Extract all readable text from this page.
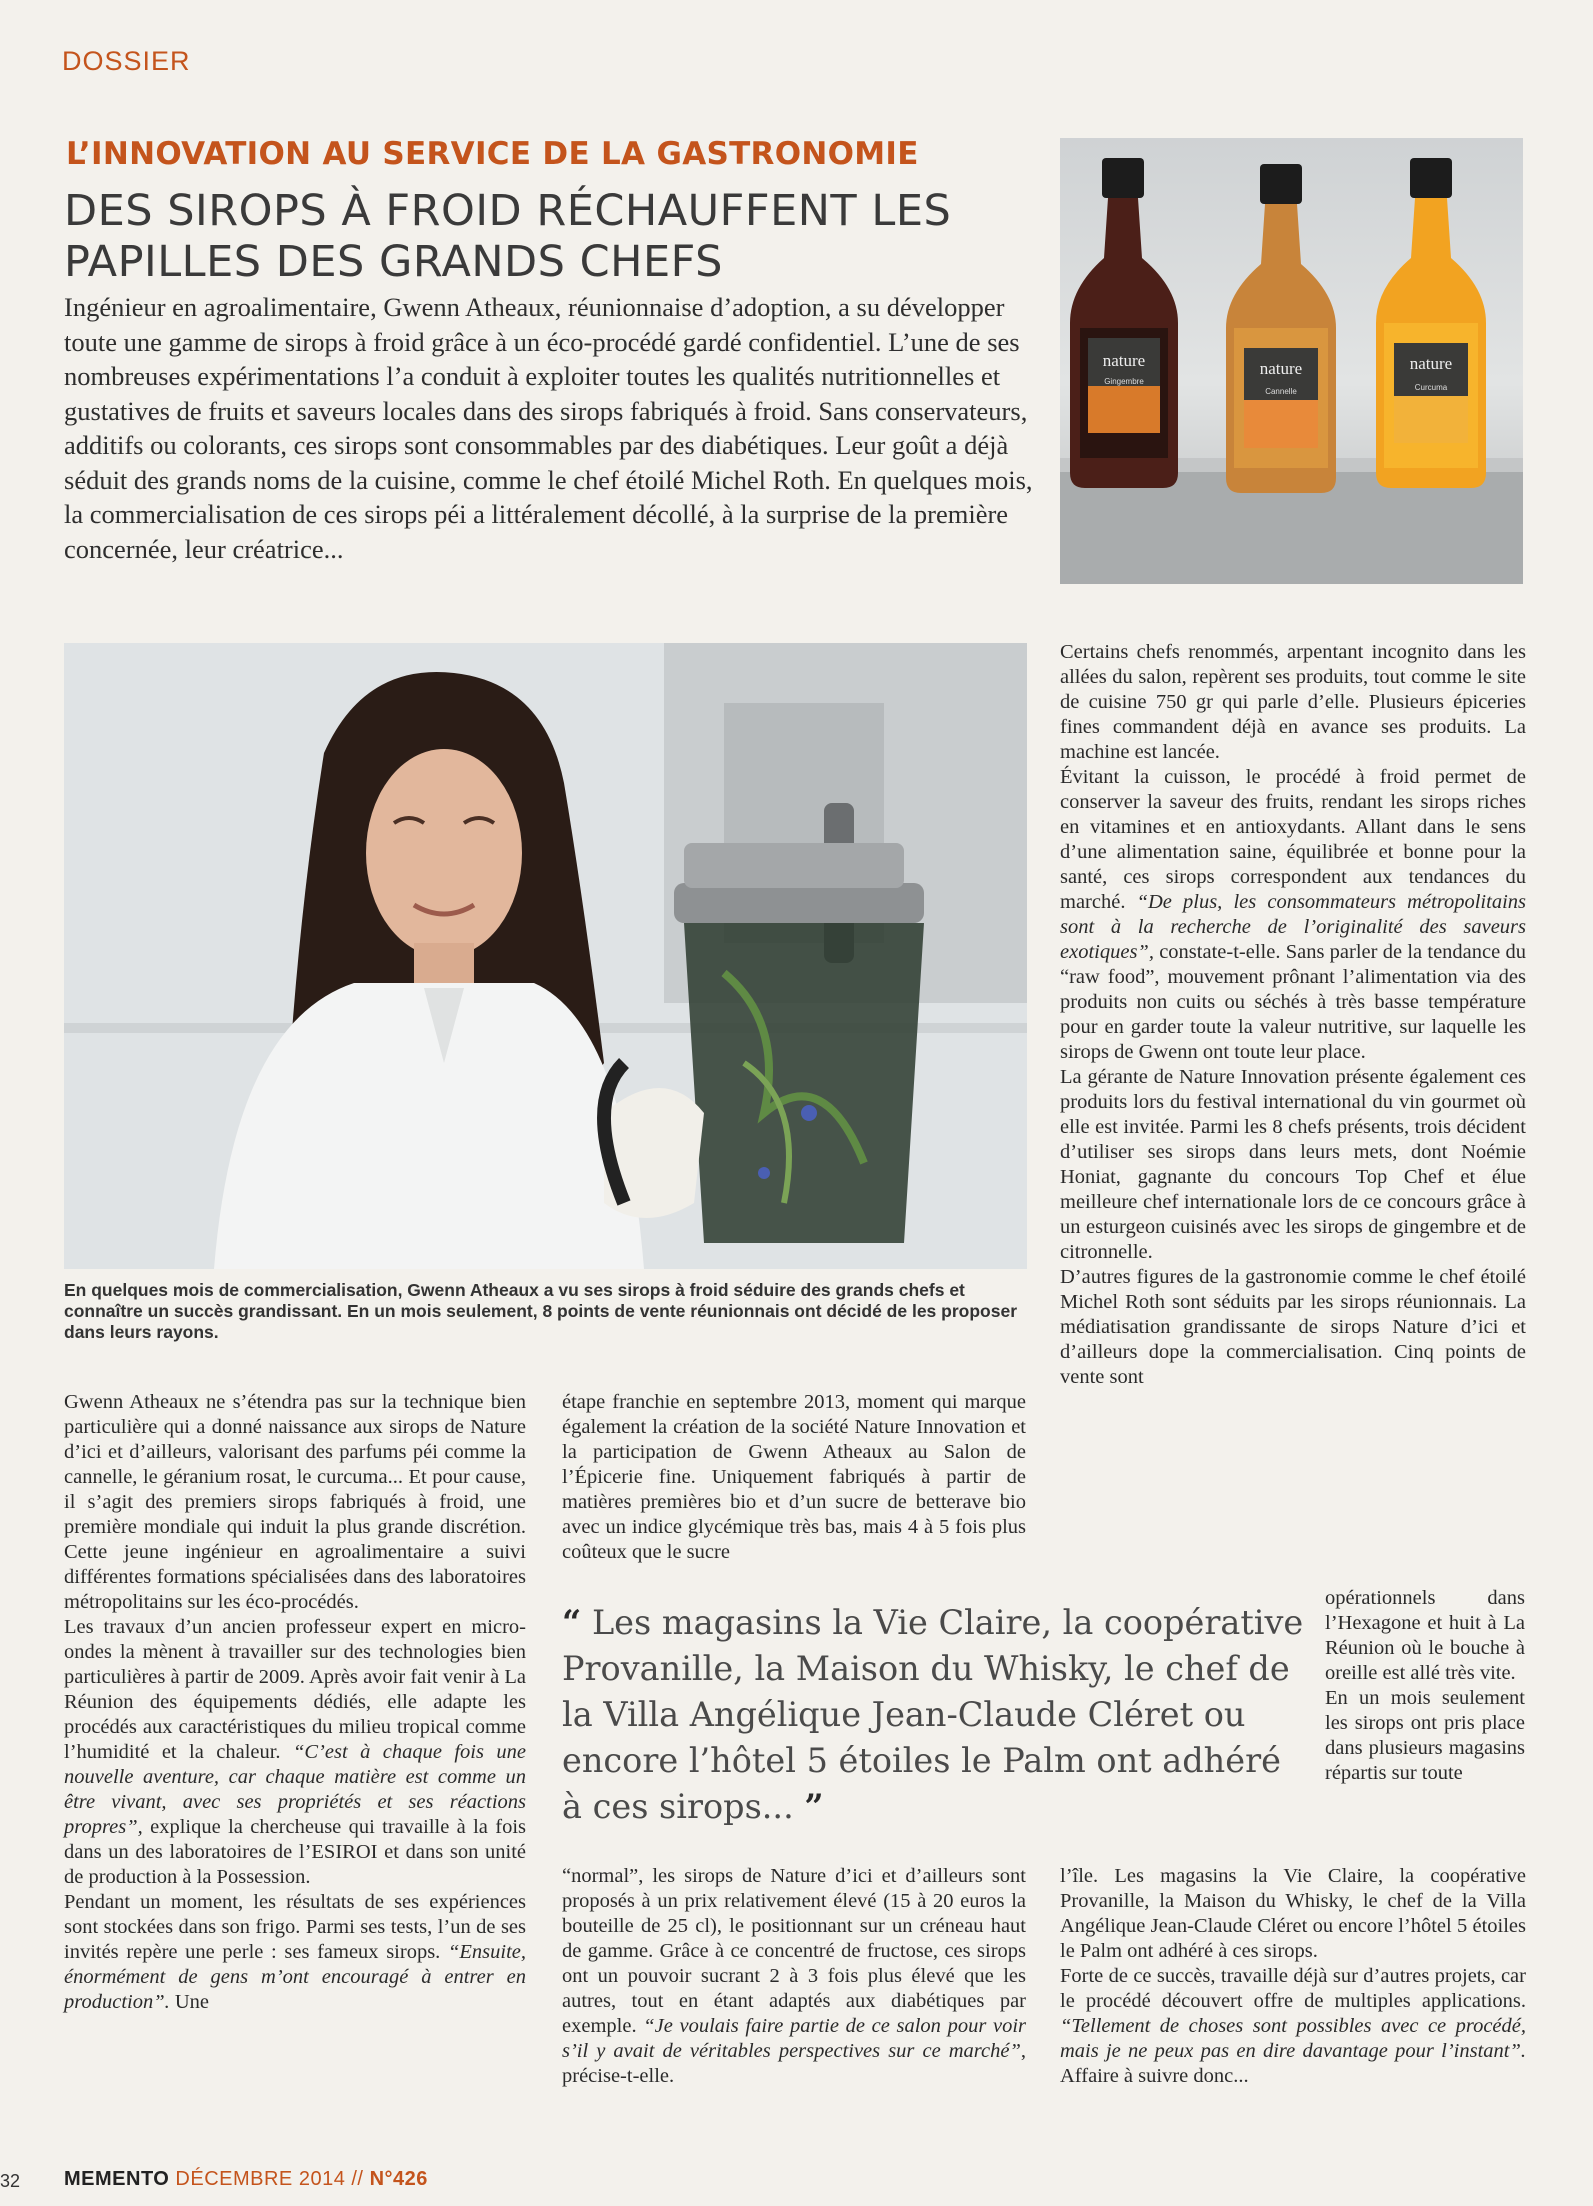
DOSSIER
L’INNOVATION AU SERVICE DE LA GASTRONOMIE
DES SIROPS À FROID RÉCHAUFFENT LES PAPILLES DES GRANDS CHEFS
Ingénieur en agroalimentaire, Gwenn Atheaux, réunionnaise d’adoption, a su développer toute une gamme de sirops à froid grâce à un éco-procédé gardé confidentiel. L’une de ses nombreuses expérimentations l’a conduit à exploiter toutes les qualités nutritionnelles et gustatives de fruits et saveurs locales dans des sirops fabriqués à froid. Sans conservateurs, additifs ou colorants, ces sirops sont consommables par des diabétiques. Leur goût a déjà séduit des grands noms de la cuisine, comme le chef étoilé Michel Roth. En quelques mois, la commercialisation de ces sirops péi a littéralement décollé, à la surprise de la première concernée, leur créatrice...
nature
Gingembre
nature
Cannelle
nature
Curcuma
En quelques mois de commercialisation, Gwenn Atheaux a vu ses sirops à froid séduire des grands chefs et connaître un succès grandissant. En un mois seulement, 8 points de vente réunionnais ont décidé de les proposer dans leurs rayons.

Gwenn Atheaux ne s’étendra pas sur la technique bien particulière qui a donné naissance aux sirops de Nature d’ici et d’ailleurs, valorisant des parfums péi comme la cannelle, le géranium rosat, le curcuma... Et pour cause, il s’agit des premiers sirops fabriqués à froid, une première mondiale qui induit la plus grande discrétion. Cette jeune ingénieur en agroalimentaire a suivi différentes formations spécialisées dans des laboratoires métropolitains sur les éco-procédés.

Les travaux d’un ancien professeur expert en micro-ondes la mènent à travailler sur des technologies bien particulières à partir de 2009. Après avoir fait venir à La Réunion des équipements dédiés, elle adapte les procédés aux caractéristiques du milieu tropical comme l’humidité et la chaleur. “C’est à chaque fois une nouvelle aventure, car chaque matière est comme un être vivant, avec ses propriétés et ses réactions propres”, explique la chercheuse qui travaille à la fois dans un des laboratoires de l’ESIROI et dans son unité de production à la Possession.

Pendant un moment, les résultats de ses expériences sont stockées dans son frigo. Parmi ses tests, l’un de ses invités repère une perle : ses fameux sirops. “Ensuite, énormément de gens m’ont encouragé à entrer en production”. Une

étape franchie en septembre 2013, moment qui marque également la création de la société Nature Innovation et la participation de Gwenn Atheaux au Salon de l’Épicerie fine. Uniquement fabriqués à partir de matières premières bio et d’un sucre de betterave bio avec un indice glycémique très bas, mais 4 à 5 fois plus coûteux que le sucre

“ Les magasins la Vie Claire, la coopérative Provanille, la Maison du Whisky, le chef de la Villa Angélique Jean-Claude Cléret ou encore l’hôtel 5 étoiles le Palm ont adhéré à ces sirops... ”

“normal”, les sirops de Nature d’ici et d’ailleurs sont proposés à un prix relativement élevé (15 à 20 euros la bouteille de 25 cl), le positionnant sur un créneau haut de gamme. Grâce à ce concentré de fructose, ces sirops ont un pouvoir sucrant 2 à 3 fois plus élevé que les autres, tout en étant adaptés aux diabétiques par exemple. “Je voulais faire partie de ce salon pour voir s’il y avait de véritables perspectives sur ce marché”, précise-t-elle.

Certains chefs renommés, arpentant incognito dans les allées du salon, repèrent ses produits, tout comme le site de cuisine 750 gr qui parle d’elle. Plusieurs épiceries fines commandent déjà en avance ses produits. La machine est lancée.

Évitant la cuisson, le procédé à froid permet de conserver la saveur des fruits, rendant les sirops riches en vitamines et en antioxydants. Allant dans le sens d’une alimentation saine, équilibrée et bonne pour la santé, ces sirops correspondent aux tendances du marché. “De plus, les consommateurs métropolitains sont à la recherche de l’originalité des saveurs exotiques”, constate-t-elle. Sans parler de la tendance du “raw food”, mouvement prônant l’alimentation via des produits non cuits ou séchés à très basse température pour en garder toute la valeur nutritive, sur laquelle les sirops de Gwenn ont toute leur place.

La gérante de Nature Innovation présente également ces produits lors du festival international du vin gourmet où elle est invitée. Parmi les 8 chefs présents, trois décident d’utiliser ses sirops dans leurs mets, dont Noémie Honiat, gagnante du concours Top Chef et élue meilleure chef internationale lors de ce concours grâce à un esturgeon cuisinés avec les sirops de gingembre et de citronnelle.

D’autres figures de la gastronomie comme le chef étoilé Michel Roth sont séduits par les sirops réunionnais. La médiatisation grandissante de sirops Nature d’ici et d’ailleurs dope la commercialisation. Cinq points de vente sont

opérationnels dans l’Hexagone et huit à La Réunion où le bouche à oreille est allé très vite.

En un mois seulement les sirops ont pris place dans plusieurs magasins répartis sur toute

l’île. Les magasins la Vie Claire, la coopérative Provanille, la Maison du Whisky, le chef de la Villa Angélique Jean-Claude Cléret ou encore l’hôtel 5 étoiles le Palm ont adhéré à ces sirops.

Forte de ce succès, travaille déjà sur d’autres projets, car le procédé découvert offre de multiples applications. “Tellement de choses sont possibles avec ce procédé, mais je ne peux pas en dire davantage pour l’instant”. Affaire à suivre donc...

32 MEMENTO DÉCEMBRE 2014 // N°426
